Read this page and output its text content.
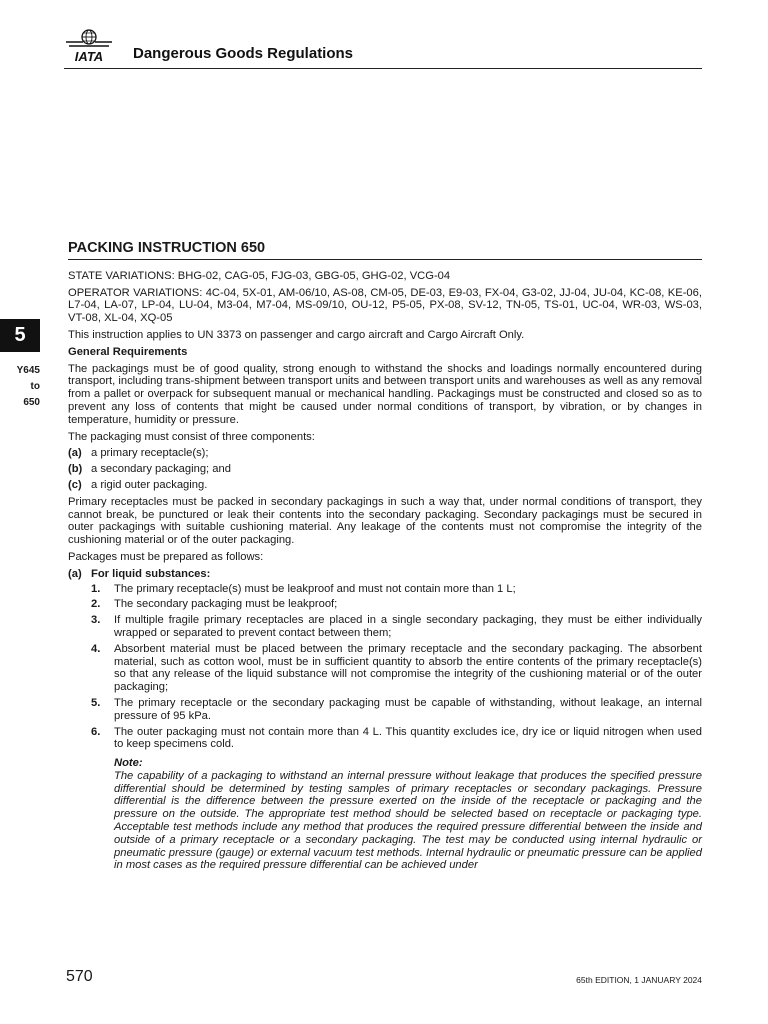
IATA Dangerous Goods Regulations
5
Y645
to
650
PACKING INSTRUCTION 650

STATE VARIATIONS: BHG-02, CAG-05, FJG-03, GBG-05, GHG-02, VCG-04

OPERATOR VARIATIONS: 4C-04, 5X-01, AM-06/10, AS-08, CM-05, DE-03, E9-03, FX-04, G3-02, JJ-04, JU-04, KC-08, KE-06, L7-04, LA-07, LP-04, LU-04, M3-04, M7-04, MS-09/10, OU-12, P5-05, PX-08, SV-12, TN-05, TS-01, UC-04, WR-03, WS-03, VT-08, XL-04, XQ-05

This instruction applies to UN 3373 on passenger and cargo aircraft and Cargo Aircraft Only.

General Requirements

The packagings must be of good quality, strong enough to withstand the shocks and loadings normally encountered during transport, including trans-shipment between transport units and between transport units and warehouses as well as any removal from a pallet or overpack for subsequent manual or mechanical handling. Packagings must be constructed and closed so as to prevent any loss of contents that might be caused under normal conditions of transport, by vibration, or by changes in temperature, humidity or pressure.

The packaging must consist of three components:

(a) a primary receptacle(s);
(b) a secondary packaging; and
(c) a rigid outer packaging.

Primary receptacles must be packed in secondary packagings in such a way that, under normal conditions of transport, they cannot break, be punctured or leak their contents into the secondary packaging. Secondary packagings must be secured in outer packagings with suitable cushioning material. Any leakage of the contents must not compromise the integrity of the cushioning material or of the outer packaging.

Packages must be prepared as follows:

(a) For liquid substances:
1.	The primary receptacle(s) must be leakproof and must not contain more than 1 L;
2.	The secondary packaging must be leakproof;
3.	If multiple fragile primary receptacles are placed in a single secondary packaging, they must be either individually wrapped or separated to prevent contact between them;
4.	Absorbent material must be placed between the primary receptacle and the secondary packaging. The absorbent material, such as cotton wool, must be in sufficient quantity to absorb the entire contents of the primary receptacle(s) so that any release of the liquid substance will not compromise the integrity of the cushioning material or of the outer packaging;
5.	The primary receptacle or the secondary packaging must be capable of withstanding, without leakage, an internal pressure of 95 kPa.
6.	The outer packaging must not contain more than 4 L. This quantity excludes ice, dry ice or liquid nitrogen when used to keep specimens cold.
Note:
The capability of a packaging to withstand an internal pressure without leakage that produces the specified pressure differential should be determined by testing samples of primary receptacles or secondary packagings. Pressure differential is the difference between the pressure exerted on the inside of the receptacle or packaging and the pressure on the outside. The appropriate test method should be selected based on receptacle or packaging type. Acceptable test methods include any method that produces the required pressure differential between the inside and outside of a primary receptacle or a secondary packaging. The test may be conducted using internal hydraulic or pneumatic pressure (gauge) or external vacuum test methods. Internal hydraulic or pneumatic pressure can be applied in most cases as the required pressure differential can be achieved under
570	65th EDITION, 1 JANUARY 2024
